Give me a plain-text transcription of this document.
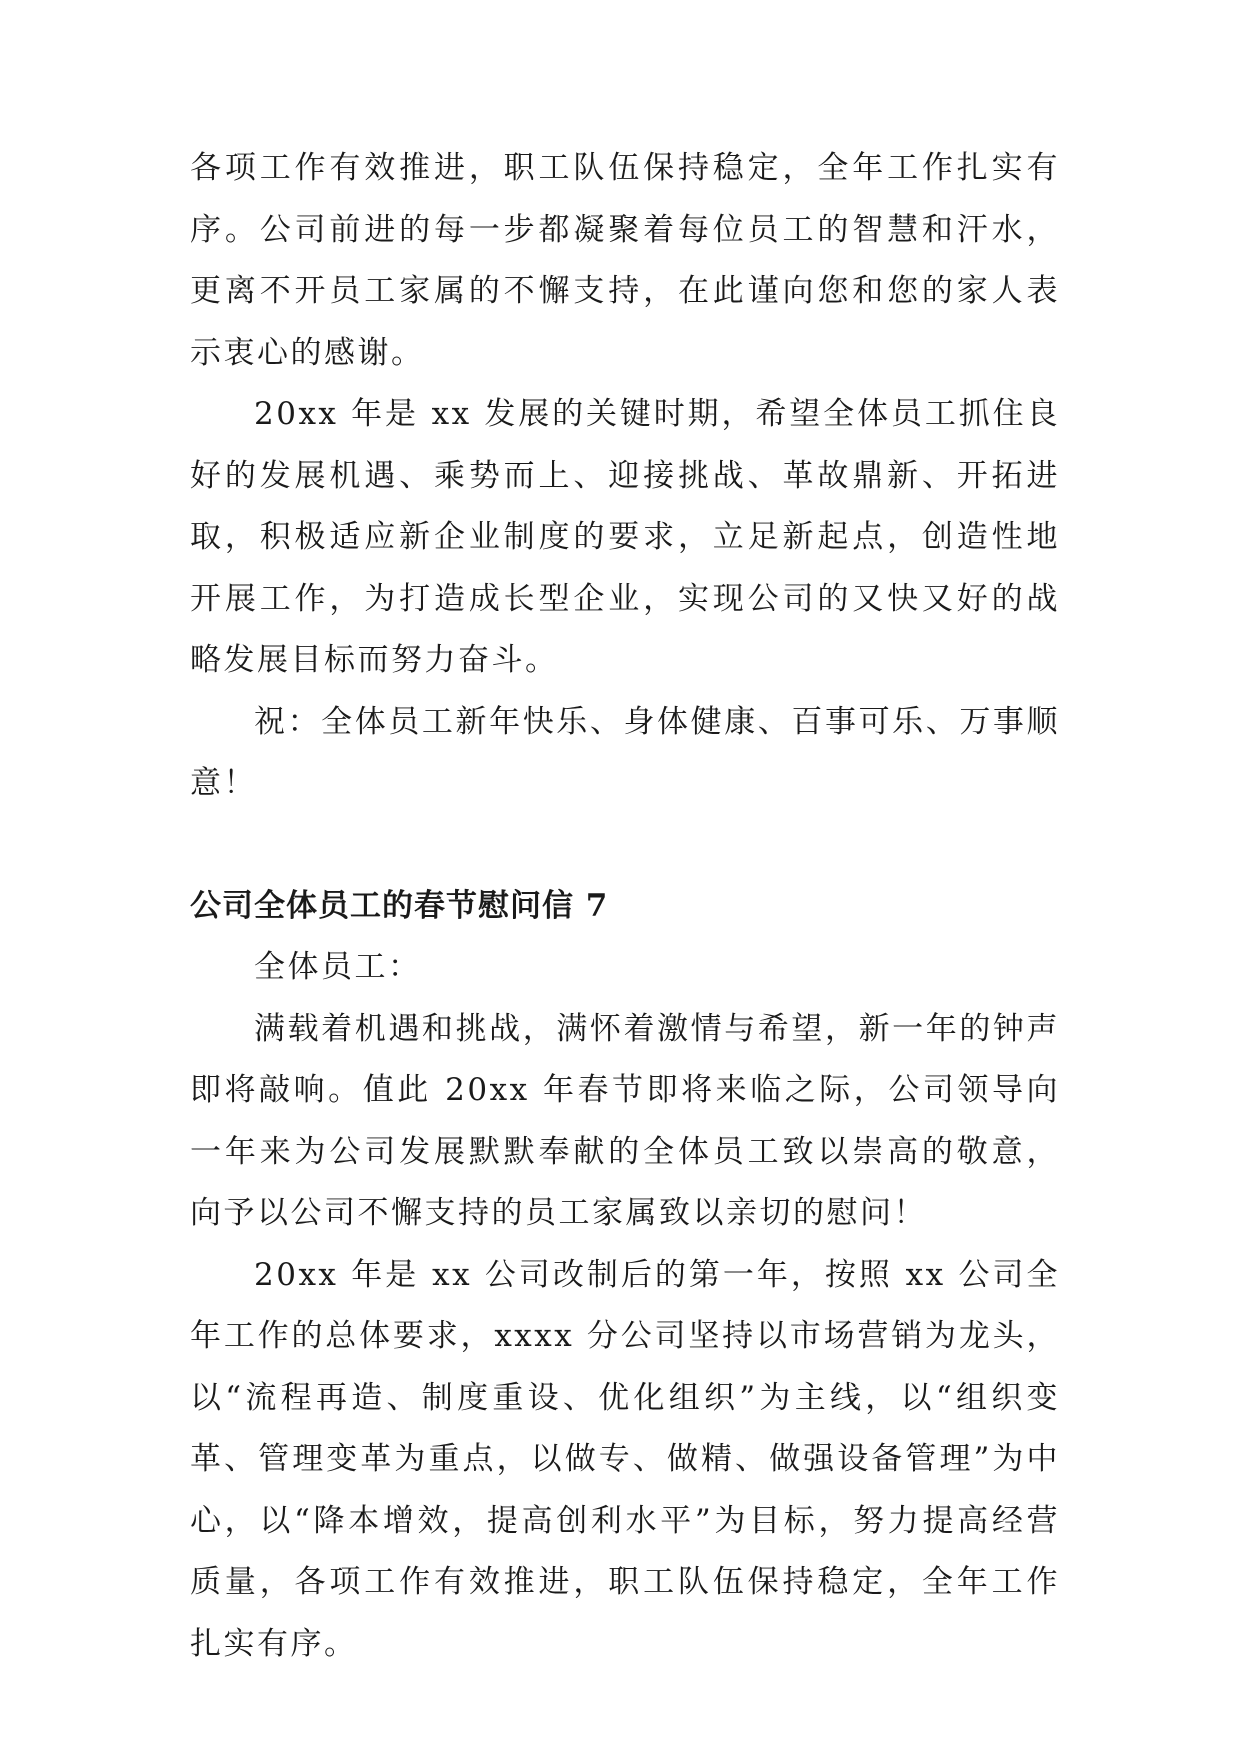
各项工作有效推进，职工队伍保持稳定，全年工作扎实有序。公司前进的每一步都凝聚着每位员工的智慧和汗水，更离不开员工家属的不懈支持，在此谨向您和您的家人表示衷心的感谢。

20xx 年是 xx 发展的关键时期，希望全体员工抓住良好的发展机遇、乘势而上、迎接挑战、革故鼎新、开拓进取，积极适应新企业制度的要求，立足新起点，创造性地开展工作，为打造成长型企业，实现公司的又快又好的战略发展目标而努力奋斗。

祝：全体员工新年快乐、身体健康、百事可乐、万事顺意！

公司全体员工的春节慰问信 7

全体员工：

满载着机遇和挑战，满怀着激情与希望，新一年的钟声即将敲响。值此 20xx 年春节即将来临之际，公司领导向一年来为公司发展默默奉献的全体员工致以崇高的敬意，向予以公司不懈支持的员工家属致以亲切的慰问！

20xx 年是 xx 公司改制后的第一年，按照 xx 公司全年工作的总体要求，xxxx 分公司坚持以市场营销为龙头，以“流程再造、制度重设、优化组织”为主线，以“组织变革、管理变革为重点，以做专、做精、做强设备管理”为中心，以“降本增效，提高创利水平”为目标，努力提高经营质量，各项工作有效推进，职工队伍保持稳定，全年工作扎实有序。
